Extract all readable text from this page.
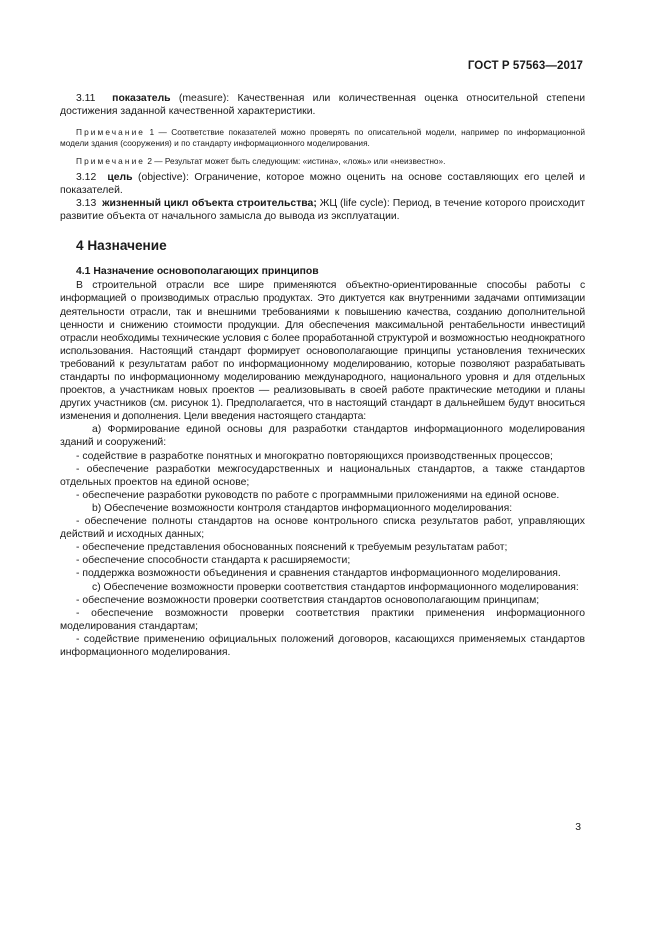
ГОСТ Р 57563—2017

3.11 показатель (measure): Качественная или количественная оценка относительной степени достижения заданной качественной характеристики.

Примечание 1 — Соответствие показателей можно проверять по описательной модели, например по информационной модели здания (сооружения) и по стандарту информационного моделирования.

Примечание 2 — Результат может быть следующим: «истина», «ложь» или «неизвестно».

3.12 цель (objective): Ограничение, которое можно оценить на основе составляющих его целей и показателей.

3.13 жизненный цикл объекта строительства; ЖЦ (life cycle): Период, в течение которого происходит развитие объекта от начального замысла до вывода из эксплуатации.

4 Назначение
4.1 Назначение основополагающих принципов

В строительной отрасли все шире применяются объектно-ориентированные способы работы с информацией о производимых отраслью продуктах. Это диктуется как внутренними задачами оптимизации деятельности отрасли, так и внешними требованиями к повышению качества, созданию дополнительной ценности и снижению стоимости продукции. Для обеспечения максимальной рентабельности инвестиций отрасли необходимы технические условия с более проработанной структурой и возможностью неоднократного использования. Настоящий стандарт формирует основополагающие принципы установления технических требований к результатам работ по информационному моделированию, которые позволяют разрабатывать стандарты по информационному моделированию международного, национального уровня и для отдельных проектов, а участникам новых проектов — реализовывать в своей работе практические методики и планы других участников (см. рисунок 1). Предполагается, что в настоящий стандарт в дальнейшем будут вноситься изменения и дополнения. Цели введения настоящего стандарта:

а) Формирование единой основы для разработки стандартов информационного моделирования зданий и сооружений:

- содействие в разработке понятных и многократно повторяющихся производственных процессов;

- обеспечение разработки межгосударственных и национальных стандартов, а также стандартов отдельных проектов на единой основе;

- обеспечение разработки руководств по работе с программными приложениями на единой основе.

b) Обеспечение возможности контроля стандартов информационного моделирования:

- обеспечение полноты стандартов на основе контрольного списка результатов работ, управляющих действий и исходных данных;

- обеспечение представления обоснованных пояснений к требуемым результатам работ;

- обеспечение способности стандарта к расширяемости;

- поддержка возможности объединения и сравнения стандартов информационного моделирования.

с) Обеспечение возможности проверки соответствия стандартов информационного моделирования:

- обеспечение возможности проверки соответствия стандартов основополагающим принципам;

- обеспечение возможности проверки соответствия практики применения информационного моделирования стандартам;

- содействие применению официальных положений договоров, касающихся применяемых стандартов информационного моделирования.

3
